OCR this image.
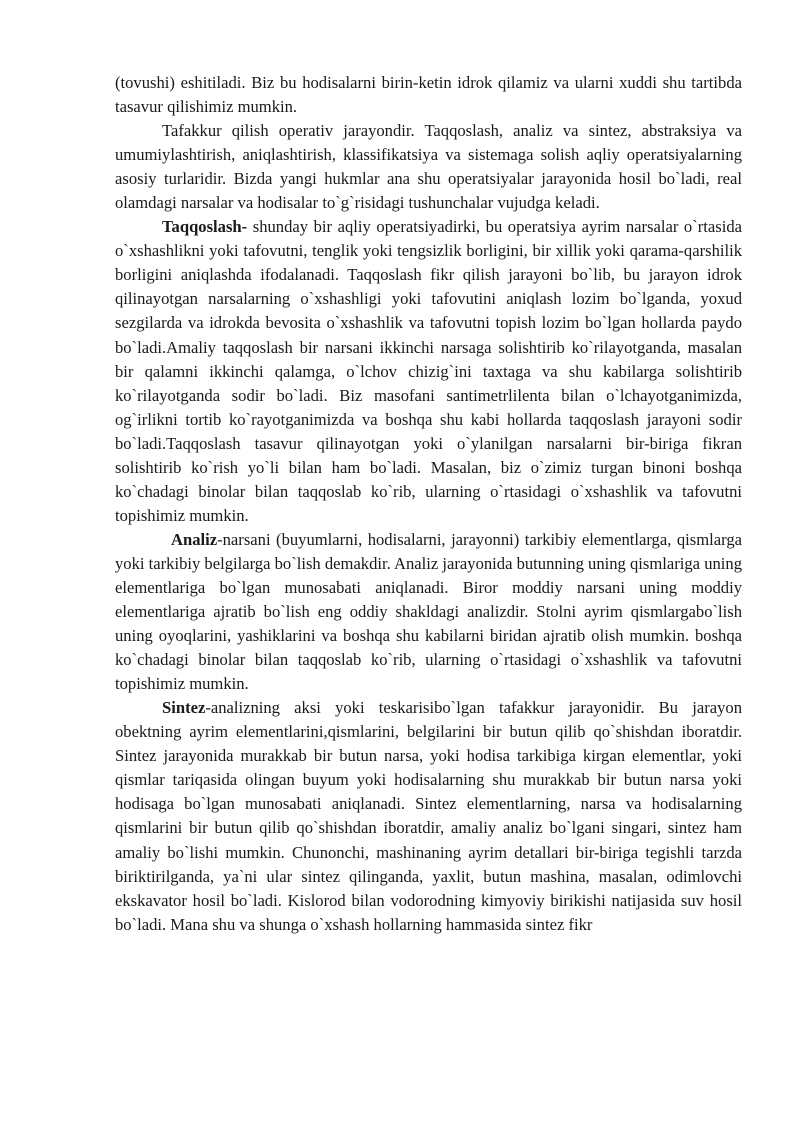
(tovushi) eshitiladi. Biz bu hodisalarni birin-ketin idrok qilamiz va ularni xuddi shu tartibda tasavur qilishimiz mumkin.

Tafakkur qilish operativ jarayondir. Taqqoslash, analiz va sintez, abstraksiya va umumiylashtirish, aniqlashtirish, klassifikatsiya va sistemaga solish aqliy operatsiyalarning asosiy turlaridir. Bizda yangi hukmlar ana shu operatsiyalar jarayonida hosil bo`ladi, real olamdagi narsalar va hodisalar to`g`risidagi tushunchalar vujudga keladi.

Taqqoslash- shunday bir aqliy operatsiyadirki, bu operatsiya ayrim narsalar o`rtasida o`xshashlikni yoki tafovutni, tenglik yoki tengsizlik borligini, bir xillik yoki qarama-qarshilik borligini aniqlashda ifodalanadi. Taqqoslash fikr qilish jarayoni bo`lib, bu jarayon idrok qilinayotgan narsalarning o`xshashligi yoki tafovutini aniqlash lozim bo`lganda, yoxud sezgilarda va idrokda bevosita o`xshashlik va tafovutni topish lozim bo`lgan hollarda paydo bo`ladi.Amaliy taqqoslash bir narsani ikkinchi narsaga solishtirib ko`rilayotganda, masalan bir qalamni ikkinchi qalamga, o`lchov chizig`ini taxtaga va shu kabilarga solishtirib ko`rilayotganda sodir bo`ladi. Biz masofani santimetrlilenta bilan o`lchayotganimizda, og`irlikni tortib ko`rayotganimizda va boshqa shu kabi hollarda taqqoslash jarayoni sodir bo`ladi.Taqqoslash tasavur qilinayotgan yoki o`ylanilgan narsalarni bir-biriga fikran solishtirib ko`rish yo`li bilan ham bo`ladi. Masalan, biz o`zimiz turgan binoni boshqa ko`chadagi binolar bilan taqqoslab ko`rib, ularning o`rtasidagi o`xshashlik va tafovutni topishimiz mumkin.

Analiz-narsani (buyumlarni, hodisalarni, jarayonni) tarkibiy elementlarga, qismlarga yoki tarkibiy belgilarga bo`lish demakdir. Analiz jarayonida butunning uning qismlariga uning elementlariga bo`lgan munosabati aniqlanadi. Biror moddiy narsani uning moddiy elementlariga ajratib bo`lish eng oddiy shakldagi analizdir. Stolni ayrim qismlargabo`lish uning oyoqlarini, yashiklarini va boshqa shu kabilarni biridan ajratib olish mumkin. boshqa ko`chadagi binolar bilan taqqoslab ko`rib, ularning o`rtasidagi o`xshashlik va tafovutni topishimiz mumkin.

Sintez-analizning aksi yoki teskarisibo`lgan tafakkur jarayonidir. Bu jarayon obektning ayrim elementlarini,qismlarini, belgilarini bir butun qilib qo`shishdan iboratdir. Sintez jarayonida murakkab bir butun narsa, yoki hodisa tarkibiga kirgan elementlar, yoki qismlar tariqasida olingan buyum yoki hodisalarning shu murakkab bir butun narsa yoki hodisaga bo`lgan munosabati aniqlanadi. Sintez elementlarning, narsa va hodisalarning qismlarini bir butun qilib qo`shishdan iboratdir, amaliy analiz bo`lgani singari, sintez ham amaliy bo`lishi mumkin. Chunonchi, mashinaning ayrim detallari bir-biriga tegishli tarzda biriktirilganda, ya`ni ular sintez qilinganda, yaxlit, butun mashina, masalan, odimlovchi ekskavator hosil bo`ladi. Kislorod bilan vodorodning kimyoviy birikishi natijasida suv hosil bo`ladi. Mana shu va shunga o`xshash hollarning hammasida sintez fikr
